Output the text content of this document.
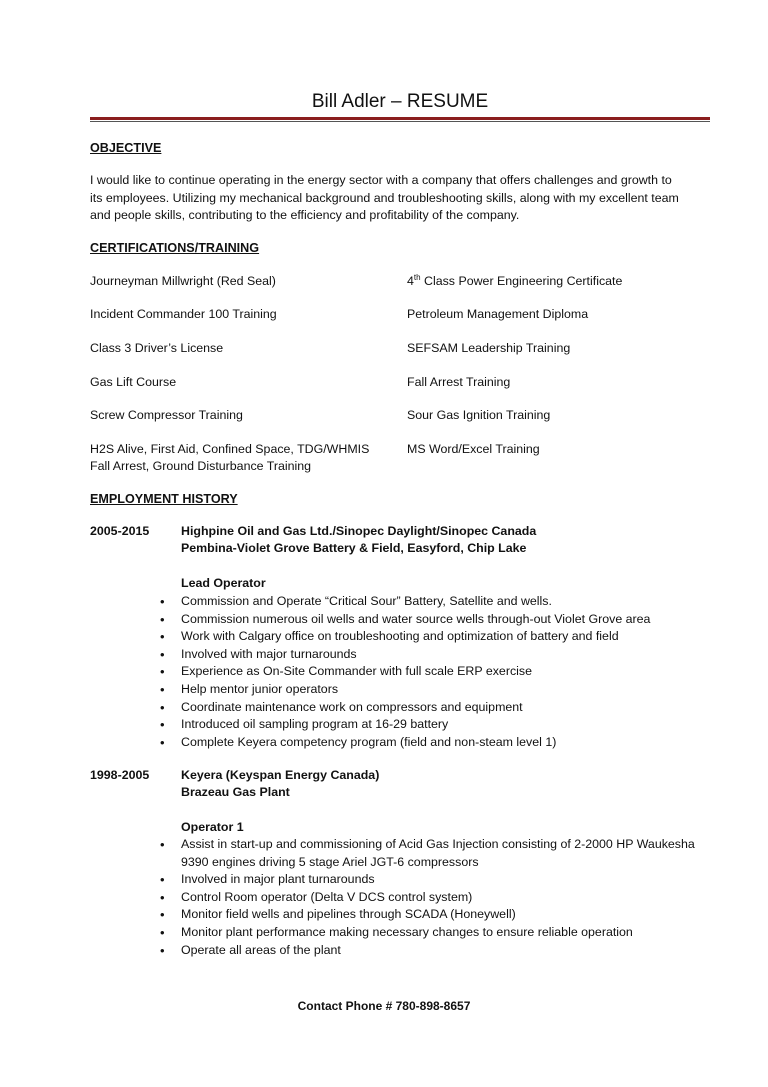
Bill Adler – RESUME
OBJECTIVE
I would like to continue operating in the energy sector with a company that offers challenges and growth to
its employees. Utilizing my mechanical background and troubleshooting skills, along with my excellent team
and people skills, contributing to the efficiency and profitability of the company.
CERTIFICATIONS/TRAINING
Journeyman Millwright (Red Seal)	4th Class Power Engineering Certificate
Incident Commander 100 Training	Petroleum Management Diploma
Class 3 Driver’s License	SEFSAM Leadership Training
Gas Lift Course	Fall Arrest Training
Screw Compressor Training	Sour Gas Ignition Training
H2S Alive, First Aid, Confined Space, TDG/WHMIS	MS Word/Excel Training
Fall Arrest, Ground Disturbance Training
EMPLOYMENT HISTORY
2005-2015	Highpine Oil and Gas Ltd./Sinopec Daylight/Sinopec Canada
Pembina-Violet Grove Battery & Field, Easyford, Chip Lake
Lead Operator
• Commission and Operate “Critical Sour” Battery, Satellite and wells.
• Commission numerous oil wells and water source wells through-out Violet Grove area
• Work with Calgary office on troubleshooting and optimization of battery and field
• Involved with major turnarounds
• Experience as On-Site Commander with full scale ERP exercise
• Help mentor junior operators
• Coordinate maintenance work on compressors and equipment
• Introduced oil sampling program at 16-29 battery
• Complete Keyera competency program (field and non-steam level 1)
1998-2005	Keyera (Keyspan Energy Canada)
Brazeau Gas Plant
Operator 1
• Assist in start-up and commissioning of Acid Gas Injection consisting of 2-2000 HP Waukesha
9390 engines driving 5 stage Ariel JGT-6 compressors
• Involved in major plant turnarounds
• Control Room operator (Delta V DCS control system)
• Monitor field wells and pipelines through SCADA (Honeywell)
• Monitor plant performance making necessary changes to ensure reliable operation
• Operate all areas of the plant
Contact Phone # 780-898-8657
